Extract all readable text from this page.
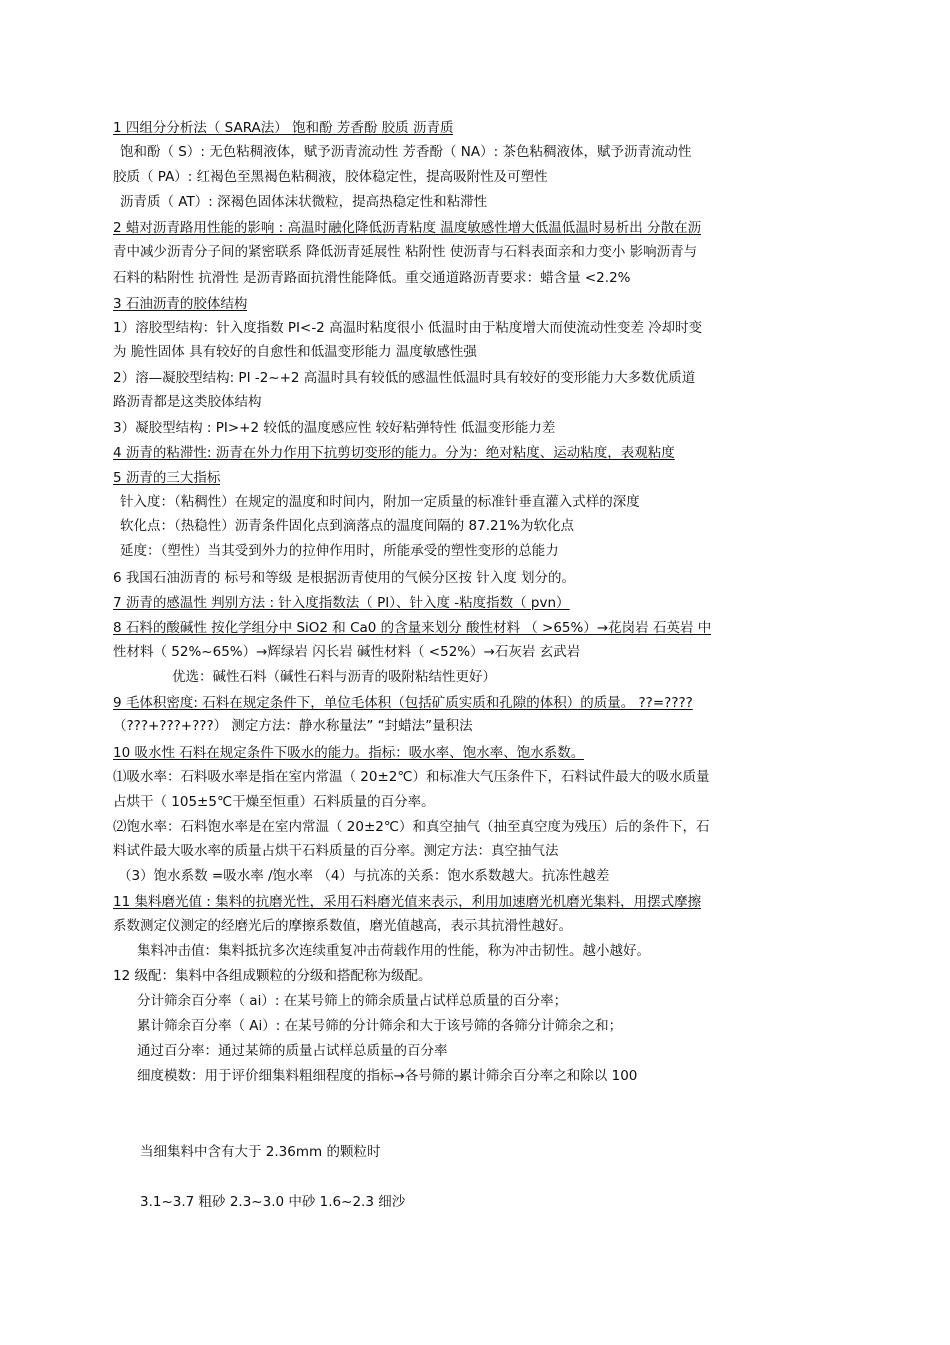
1 四组分分析法（ SARA法） 饱和酚 芳香酚 胶质 沥青质
饱和酚（ S）: 无色粘稠液体，赋予沥青流动性 芳香酚（ NA）: 茶色粘稠液体，赋予沥青流动性
胶质（ PA）: 红褐色至黑褐色粘稠液，胶体稳定性，提高吸附性及可塑性
沥青质（ AT）: 深褐色固体沫状微粒，提高热稳定性和粘滞性
2 蜡对沥青路用性能的影响 : 高温时融化降低沥青粘度 温度敏感性增大低温低温时易析出 分散在沥
青中减少沥青分子间的紧密联系 降低沥青延展性 粘附性 使沥青与石料表面亲和力变小 影响沥青与
石料的粘附性 抗滑性 是沥青路面抗滑性能降低。重交通道路沥青要求：蜡含量 <2.2%
3 石油沥青的胶体结构
1）溶胶型结构：针入度指数 PI<-2 高温时粘度很小 低温时由于粘度增大而使流动性变差 冷却时变
为 脆性固体 具有较好的自愈性和低温变形能力 温度敏感性强
2）溶—凝胶型结构: PI -2~+2 高温时具有较低的感温性低温时具有较好的变形能力大多数优质道
路沥青都是这类胶体结构
3）凝胶型结构 : PI>+2 较低的温度感应性 较好粘弹特性 低温变形能力差
4 沥青的粘滞性: 沥青在外力作用下抗剪切变形的能力。分为：绝对粘度、运动粘度，表观粘度
5 沥青的三大指标
针入度：（粘稠性）在规定的温度和时间内，附加一定质量的标准针垂直灌入式样的深度
软化点：（热稳性）沥青条件固化点到滴落点的温度间隔的 87.21%为软化点
延度：（塑性）当其受到外力的拉伸作用时，所能承受的塑性变形的总能力
6 我国石油沥青的 标号和等级 是根据沥青使用的气候分区按 针入度 划分的。
7 沥青的感温性 判别方法 : 针入度指数法（ PI）、针入度 -粘度指数（ pvn）
8 石料的酸碱性 按化学组分中 SiO2 和 Ca0 的含量来划分 酸性材料 （ >65%）→花岗岩 石英岩 中
性材料（ 52%~65%）→辉绿岩 闪长岩 碱性材料（ <52%）→石灰岩 玄武岩
优选：碱性石料（碱性石料与沥青的吸附粘结性更好）
9 毛体积密度: 石料在规定条件下，单位毛体积（包括矿质实质和孔隙的体积）的质量。 ??=????
（???+???+???） 测定方法：静水称量法” “封蜡法”量积法
10 吸水性 石料在规定条件下吸水的能力。指标：吸水率、饱水率、饱水系数。
⑴吸水率：石料吸水率是指在室内常温（ 20±2℃）和标准大气压条件下，石料试件最大的吸水质量
占烘干（ 105±5℃干燥至恒重）石料质量的百分率。
⑵饱水率：石料饱水率是在室内常温（ 20±2℃）和真空抽气（抽至真空度为残压）后的条件下，石
料试件最大吸水率的质量占烘干石料质量的百分率。测定方法：真空抽气法
（3）饱水系数 =吸水率 /饱水率 （4）与抗冻的关系：饱水系数越大。抗冻性越差
11 集料磨光值 : 集料的抗磨光性，采用石料磨光值来表示，利用加速磨光机磨光集料，用摆式摩擦
系数测定仪测定的经磨光后的摩擦系数值，磨光值越高，表示其抗滑性越好。
集料冲击值：集料抵抗多次连续重复冲击荷载作用的性能，称为冲击韧性。越小越好。
12 级配：集料中各组成颗粒的分级和搭配称为级配。
分计筛余百分率（ ai）: 在某号筛上的筛余质量占试样总质量的百分率；
累计筛余百分率（ Ai）: 在某号筛的分计筛余和大于该号筛的各筛分计筛余之和；
通过百分率：通过某筛的质量占试样总质量的百分率
细度模数：用于评价细集料粗细程度的指标→各号筛的累计筛余百分率之和除以 100
当细集料中含有大于 2.36mm 的颗粒时
3.1~3.7 粗砂 2.3~3.0 中砂 1.6~2.3 细沙
